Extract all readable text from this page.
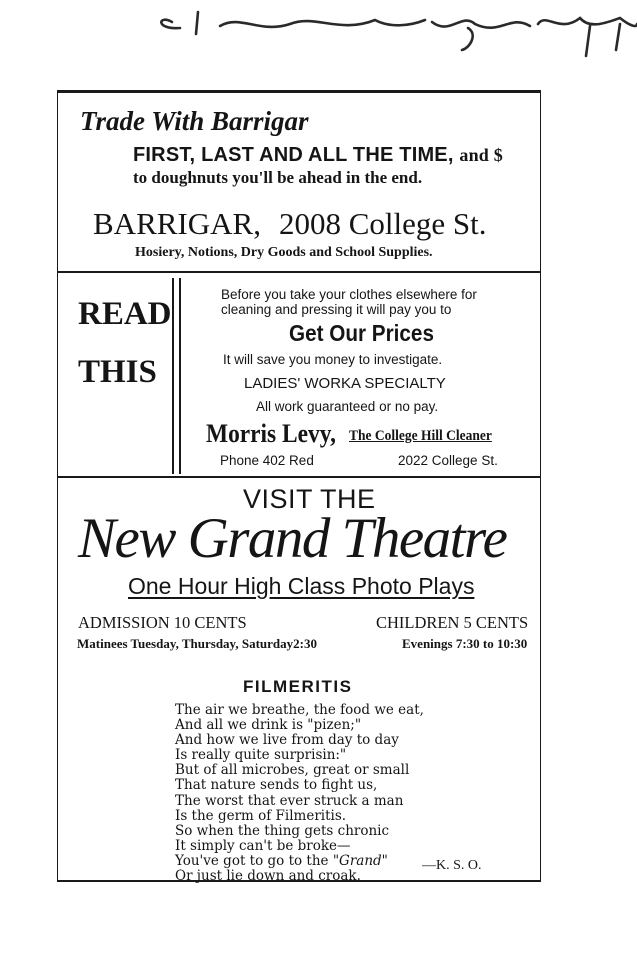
Trade With Barrigar
FIRST, LAST AND ALL THE TIME, and $
to doughnuts you'll be ahead in the end.
BARRIGAR, 2008 College St.
Hosiery, Notions, Dry Goods and School Supplies.
READ
THIS
Before you take your clothes elsewhere for
cleaning and pressing it will pay you to
Get Our Prices
It will save you money to investigate.
LADIES' WORKA SPECIALTY
All work guaranteed or no pay.
Morris Levy, The College Hill Cleaner
Phone 402 Red	2022 College St.
VISIT THE
New Grand Theatre
One Hour High Class Photo Plays
ADMISSION 10 CENTS	CHILDREN 5 CENTS
Matinees Tuesday, Thursday, Saturday2:30	Evenings 7:30 to 10:30
FILMERITIS
The air we breathe, the food we eat,
And all we drink is "pizen;"
And how we live from day to day
Is really quite surprisin:"
But of all microbes, great or small
That nature sends to fight us,
The worst that ever struck a man
Is the germ of Filmeritis.
So when the thing gets chronic
It simply can't be broke—
You've got to go to the "Grand"
Or just lie down and croak.
—K. S. O.
